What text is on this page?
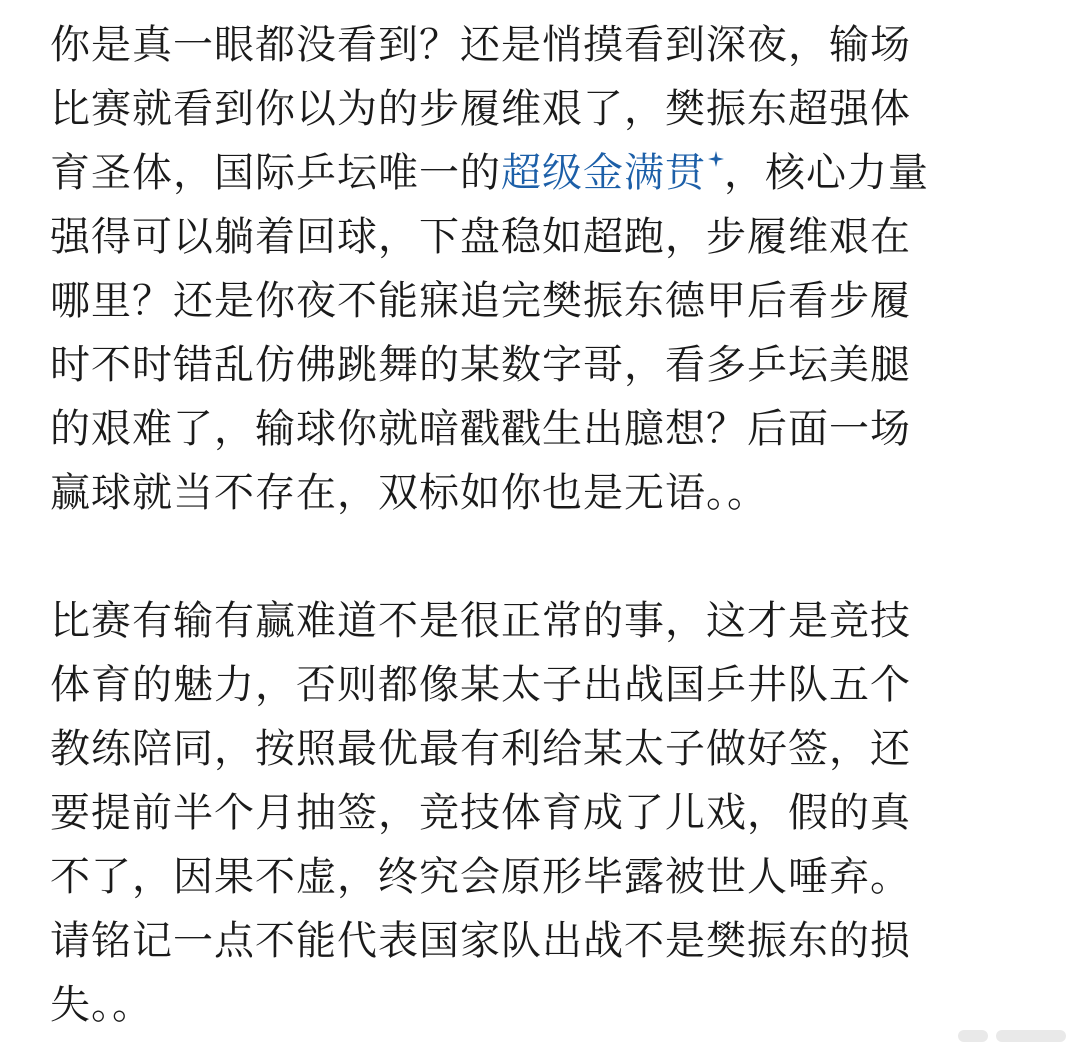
你是真一眼都没看到？还是悄摸看到深夜，输场
比赛就看到你以为的步履维艰了，樊振东超强体
育圣体，国际乒坛唯一的超级金满贯 ，核心力量
强得可以躺着回球，下盘稳如超跑，步履维艰在
哪里？还是你夜不能寐追完樊振东德甲后看步履
时不时错乱仿佛跳舞的某数字哥，看多乒坛美腿
的艰难了，输球你就暗戳戳生出臆想？后面一场
赢球就当不存在，双标如你也是无语。。

比赛有输有赢难道不是很正常的事，这才是竞技
体育的魅力，否则都像某太子出战国乒井队五个
教练陪同，按照最优最有利给某太子做好签，还
要提前半个月抽签，竞技体育成了儿戏，假的真
不了，因果不虚，终究会原形毕露被世人唾弃。
请铭记一点不能代表国家队出战不是樊振东的损
失。。
